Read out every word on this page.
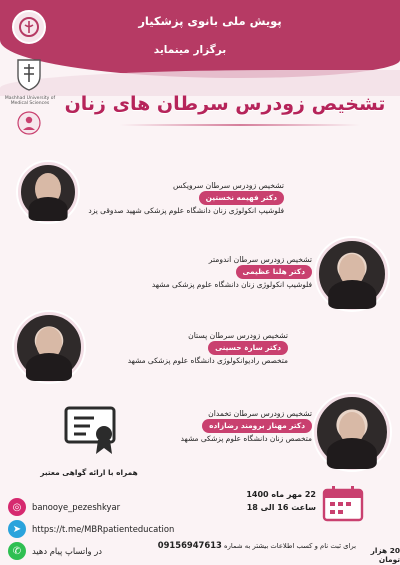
پویش ملی بانوی پزشکیار
برگزار مینماید
Mashhad University of Medical Sciences تشخیص زودرس سرطان های زنان
تشخیص زودرس سرطان سرویکس
دکتر فهیمه نخستین
فلوشیپ انکولوژی زنان دانشگاه علوم پزشکی شهید صدوقی یزد
تشخیص زودرس سرطان اندومتر
دکتر هلنا عظیمی
فلوشیپ انکولوژی زنان دانشگاه علوم پزشکی مشهد
تشخیص زودرس سرطان پستان
دکتر سارہ حسینی
متخصص رادیوانکولوژی دانشگاه علوم پزشکی مشهد
تشخیص زودرس سرطان تخمدان
دکتر مهناز برومند رضازاده
متخصص زنان دانشگاه علوم پزشکی مشهد
همراه با ارائه گواهی معتبر
22 مهر ماه 1400
ساعت 16 الی 18
◎	banooye_pezeshkyar
➤	https://t.me/MBRpatienteducation
✆	در واتساپ پیام دهید	برای ثبت نام و کسب اطلاعات بیشتر به شماره 09156947613
20 هزار تومان
